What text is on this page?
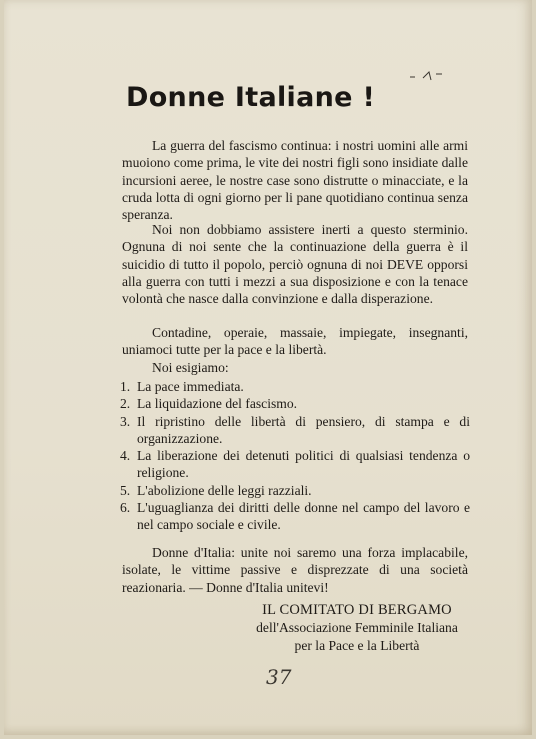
Donne Italiane !

La guerra del fascismo continua: i nostri uomini alle armi muoiono come prima, le vite dei nostri figli sono insidiate dalle incursioni aeree, le nostre case sono distrutte o minacciate, e la cruda lotta di ogni giorno per li pane quotidiano continua senza speranza.

Noi non dobbiamo assistere inerti a questo sterminio. Ognuna di noi sente che la continuazione della guerra è il suicidio di tutto il popolo, perciò ognuna di noi DEVE opporsi alla guerra con tutti i mezzi a sua disposizione e con la tenace volontà che nasce dalla convinzione e dalla disperazione.

Contadine, operaie, massaie, impiegate, insegnanti, uniamoci tutte per la pace e la libertà.

Noi esigiamo:

1. La pace immediata.
2. La liquidazione del fascismo.
3. Il ripristino delle libertà di pensiero, di stampa e di organizzazione.
4. La liberazione dei detenuti politici di qualsiasi tendenza o religione.
5. L'abolizione delle leggi razziali.
6. L'uguaglianza dei diritti delle donne nel campo del lavoro e nel campo sociale e civile.

Donne d'Italia: unite noi saremo una forza implacabile, isolate, le vittime passive e disprezzate di una società reazionaria. — Donne d'Italia unitevi!

IL COMITATO DI BERGAMO
dell'Associazione Femminile Italiana
per la Pace e la Libertà
37
